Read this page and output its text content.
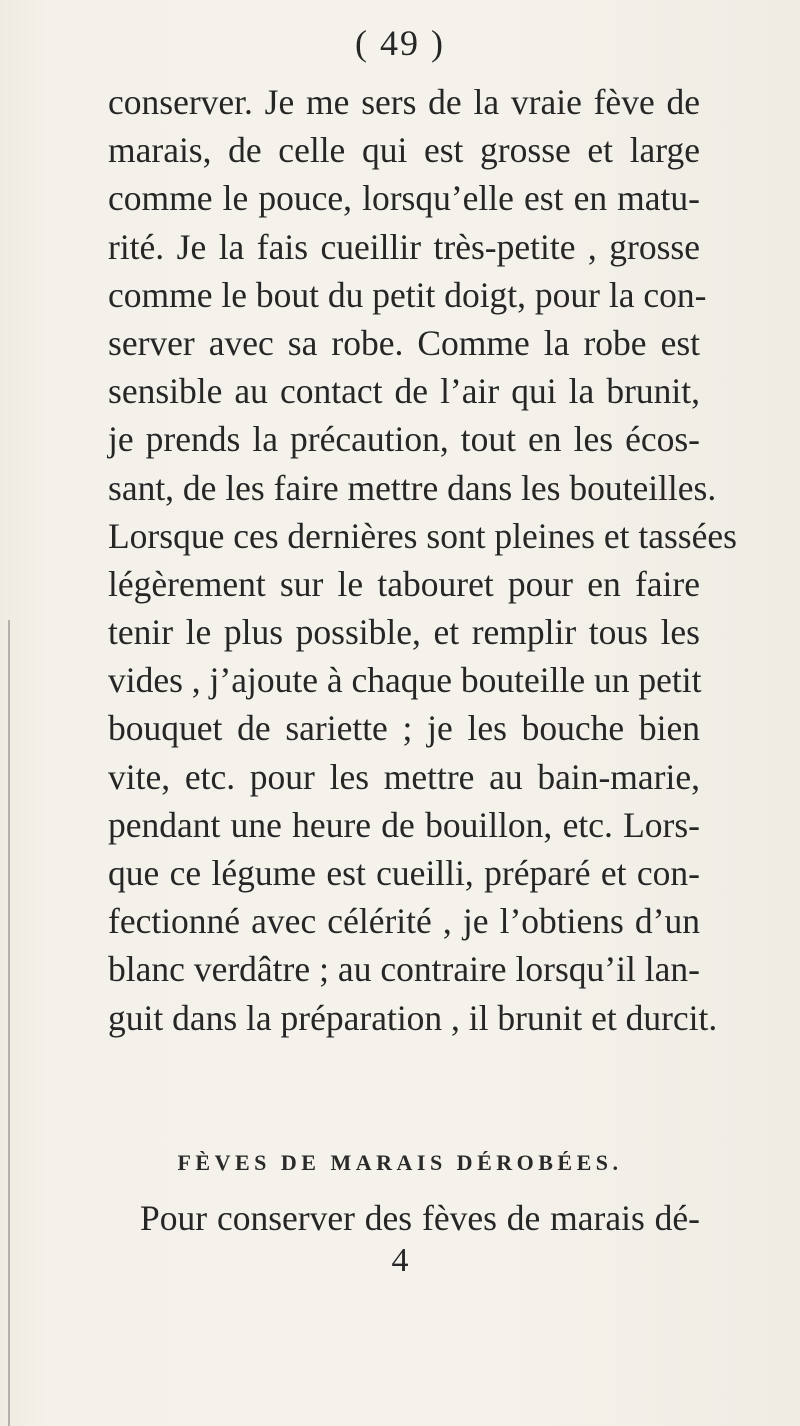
( 49 )
conserver. Je me sers de la vraie fève de
marais, de celle qui est grosse et large
comme le pouce, lorsqu’elle est en matu-
rité. Je la fais cueillir très-petite , grosse
comme le bout du petit doigt, pour la con-
server avec sa robe. Comme la robe est
sensible au contact de l’air qui la brunit,
je prends la précaution, tout en les écos-
sant, de les faire mettre dans les bouteilles.
Lorsque ces dernières sont pleines et tassées
légèrement sur le tabouret pour en faire
tenir le plus possible, et remplir tous les
vides , j’ajoute à chaque bouteille un petit
bouquet de sariette ; je les bouche bien
vite, etc. pour les mettre au bain-marie,
pendant une heure de bouillon, etc. Lors-
que ce légume est cueilli, préparé et con-
fectionné avec célérité , je l’obtiens d’un
blanc verdâtre ; au contraire lorsqu’il lan-
guit dans la préparation , il brunit et durcit.
FÈVES DE MARAIS DÉROBÉES.
Pour conserver des fèves de marais dé-
4
